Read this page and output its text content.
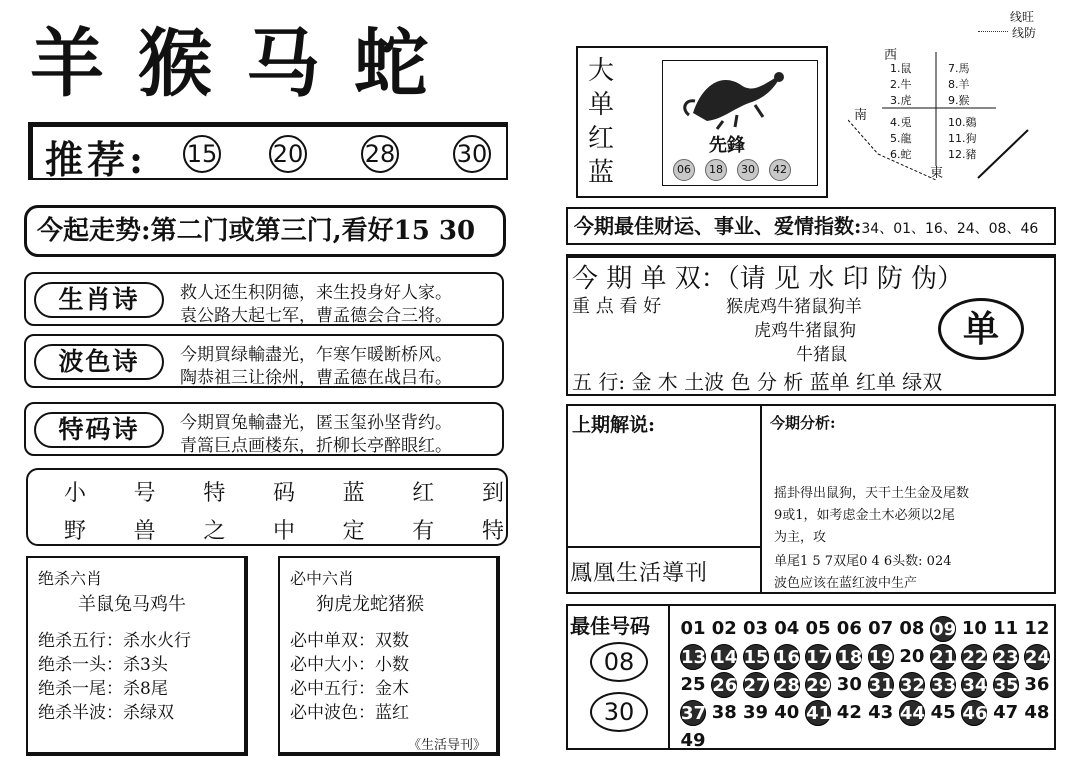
羊猴马蛇
推荐: 15 20	28	30
今起走势:第二门或第三门,看好15 30
生肖诗	救人还生积阴德，来生投身好人家。
袁公路大起七军，曹孟德会合三将。
波色诗	今期買绿輸盡光，乍寒乍暖断桥风。
陶恭祖三让徐州，曹孟德在战吕布。
特码诗	今期買兔輸盡光，匿玉玺孙坚背约。
青篙巨点画楼东，折柳长亭醉眼红。
小 号 特 码 蓝 红 到
野 兽 之 中 定 有 特
绝杀六肖
羊鼠兔马鸡牛
绝杀五行：杀水火行
绝杀一头：杀3头
绝杀一尾：杀8尾
绝杀半波：杀绿双
必中六肖
狗虎龙蛇猪猴
必中单双：双数
必中大小：小数
必中五行：金木
必中波色：蓝红
《生活导刊》
线旺
线防
大
单
红
蓝
先鋒
06	18	30	42
西
南
東
1.鼠
2.牛
3.虎
4.兎
5.龍
6.蛇
7.馬
8.羊
9.猴
10.鷄
11.狗
12.豬
今期最佳财运、事业、爱情指数:34、01、16、24、08、46
今 期 单 双：（请 见 水 印 防 伪）
重 点 看 好	猴虎鸡牛猪鼠狗羊
虎鸡牛猪鼠狗
牛猪鼠
单
五 行: 金 木 土波 色 分 析 蓝单 红单 绿双
上期解说:
鳳凰生活導刊
今期分析:
摇卦得出鼠狗，天干土生金及尾数
9或1，如考虑金土木必须以2尾
为主，攻
单尾1 5 7双尾0 4 6头数: 024
波色应该在蓝红波中生产
最佳号码
08
30
01 02 03 04 05 06 07 08 09 10 11 12
13 14 15 16 17 18 19 20 21 22 23 24
25 26 27 28 29 30 31 32 33 34 35 36
37 38 39 40 41 42 43 44 45 46 47 48
49
